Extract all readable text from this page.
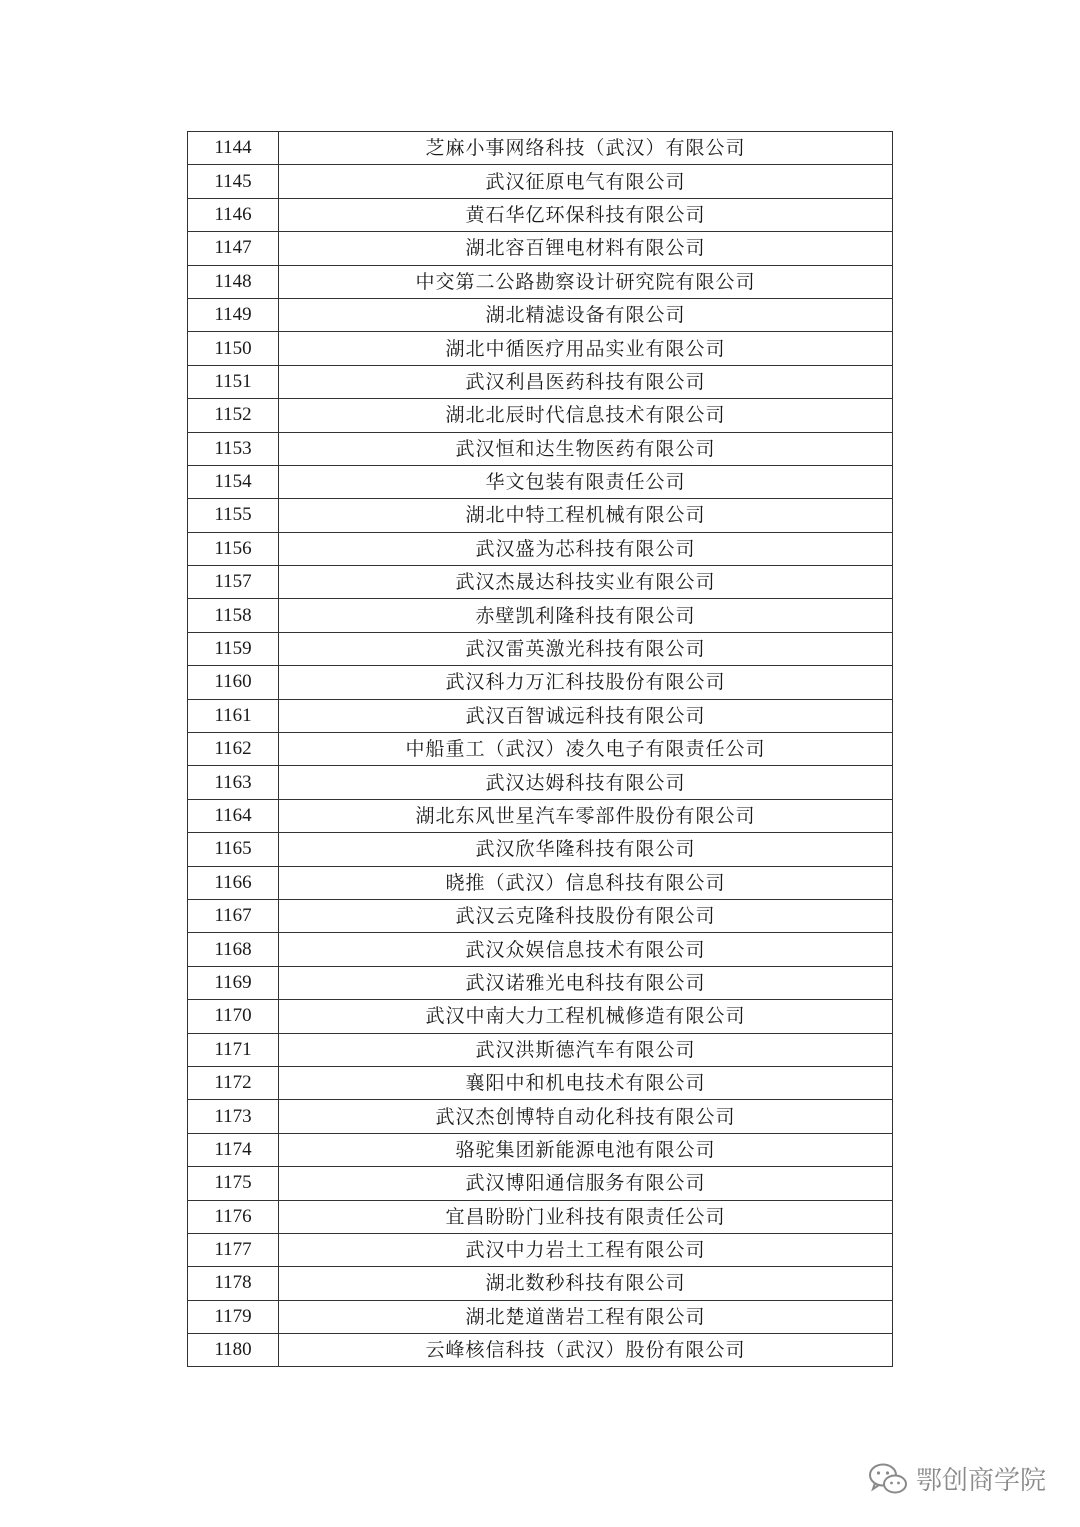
1144	芝麻小事网络科技（武汉）有限公司
1145	武汉征原电气有限公司
1146	黄石华亿环保科技有限公司
1147	湖北容百锂电材料有限公司
1148	中交第二公路勘察设计研究院有限公司
1149	湖北精滤设备有限公司
1150	湖北中循医疗用品实业有限公司
1151	武汉利昌医药科技有限公司
1152	湖北北辰时代信息技术有限公司
1153	武汉恒和达生物医药有限公司
1154	华文包装有限责任公司
1155	湖北中特工程机械有限公司
1156	武汉盛为芯科技有限公司
1157	武汉杰晟达科技实业有限公司
1158	赤壁凯利隆科技有限公司
1159	武汉雷英激光科技有限公司
1160	武汉科力万汇科技股份有限公司
1161	武汉百智诚远科技有限公司
1162	中船重工（武汉）凌久电子有限责任公司
1163	武汉达姆科技有限公司
1164	湖北东风世星汽车零部件股份有限公司
1165	武汉欣华隆科技有限公司
1166	晓推（武汉）信息科技有限公司
1167	武汉云克隆科技股份有限公司
1168	武汉众娱信息技术有限公司
1169	武汉诺雅光电科技有限公司
1170	武汉中南大力工程机械修造有限公司
1171	武汉洪斯德汽车有限公司
1172	襄阳中和机电技术有限公司
1173	武汉杰创博特自动化科技有限公司
1174	骆驼集团新能源电池有限公司
1175	武汉博阳通信服务有限公司
1176	宜昌盼盼门业科技有限责任公司
1177	武汉中力岩土工程有限公司
1178	湖北数秒科技有限公司
1179	湖北楚道凿岩工程有限公司
1180	云峰核信科技（武汉）股份有限公司
鄂创商学院
